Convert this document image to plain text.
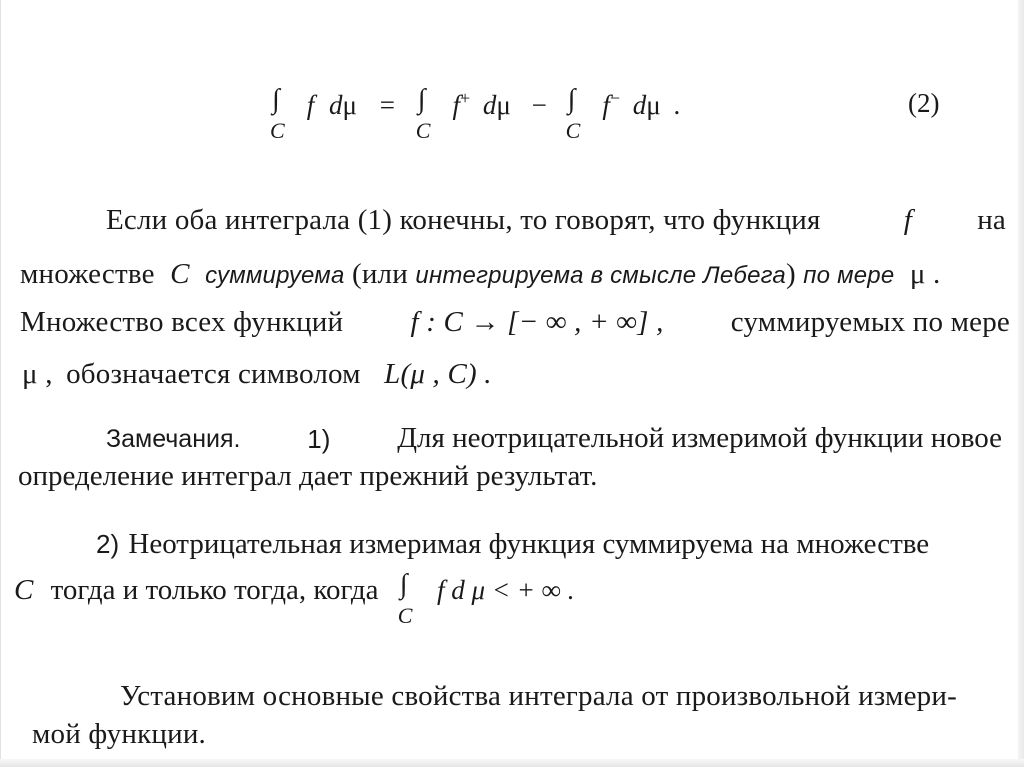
∫
C
f dμ = ∫
C
f+ dμ − ∫
C
f− dμ .	(2)
Если оба интеграла (1) конечны, то говорят, что функция	f на
множестве C суммируема (или интегрируема в смысле Лебега) по мере μ .
Множество всех функций f : C → [− ∞ , + ∞] , суммируемых по мере
μ , обозначается символом L(μ , C) .
Замечания.	1) Для неотрицательной измеримой функции новое
определение интеграл дает прежний результат.
2) Неотрицательная измеримая функция суммируема на множестве
C тогда и только тогда, когда ∫
C
f d μ < + ∞ .
Установим основные свойства интеграла от произвольной измери-
мой функции.
